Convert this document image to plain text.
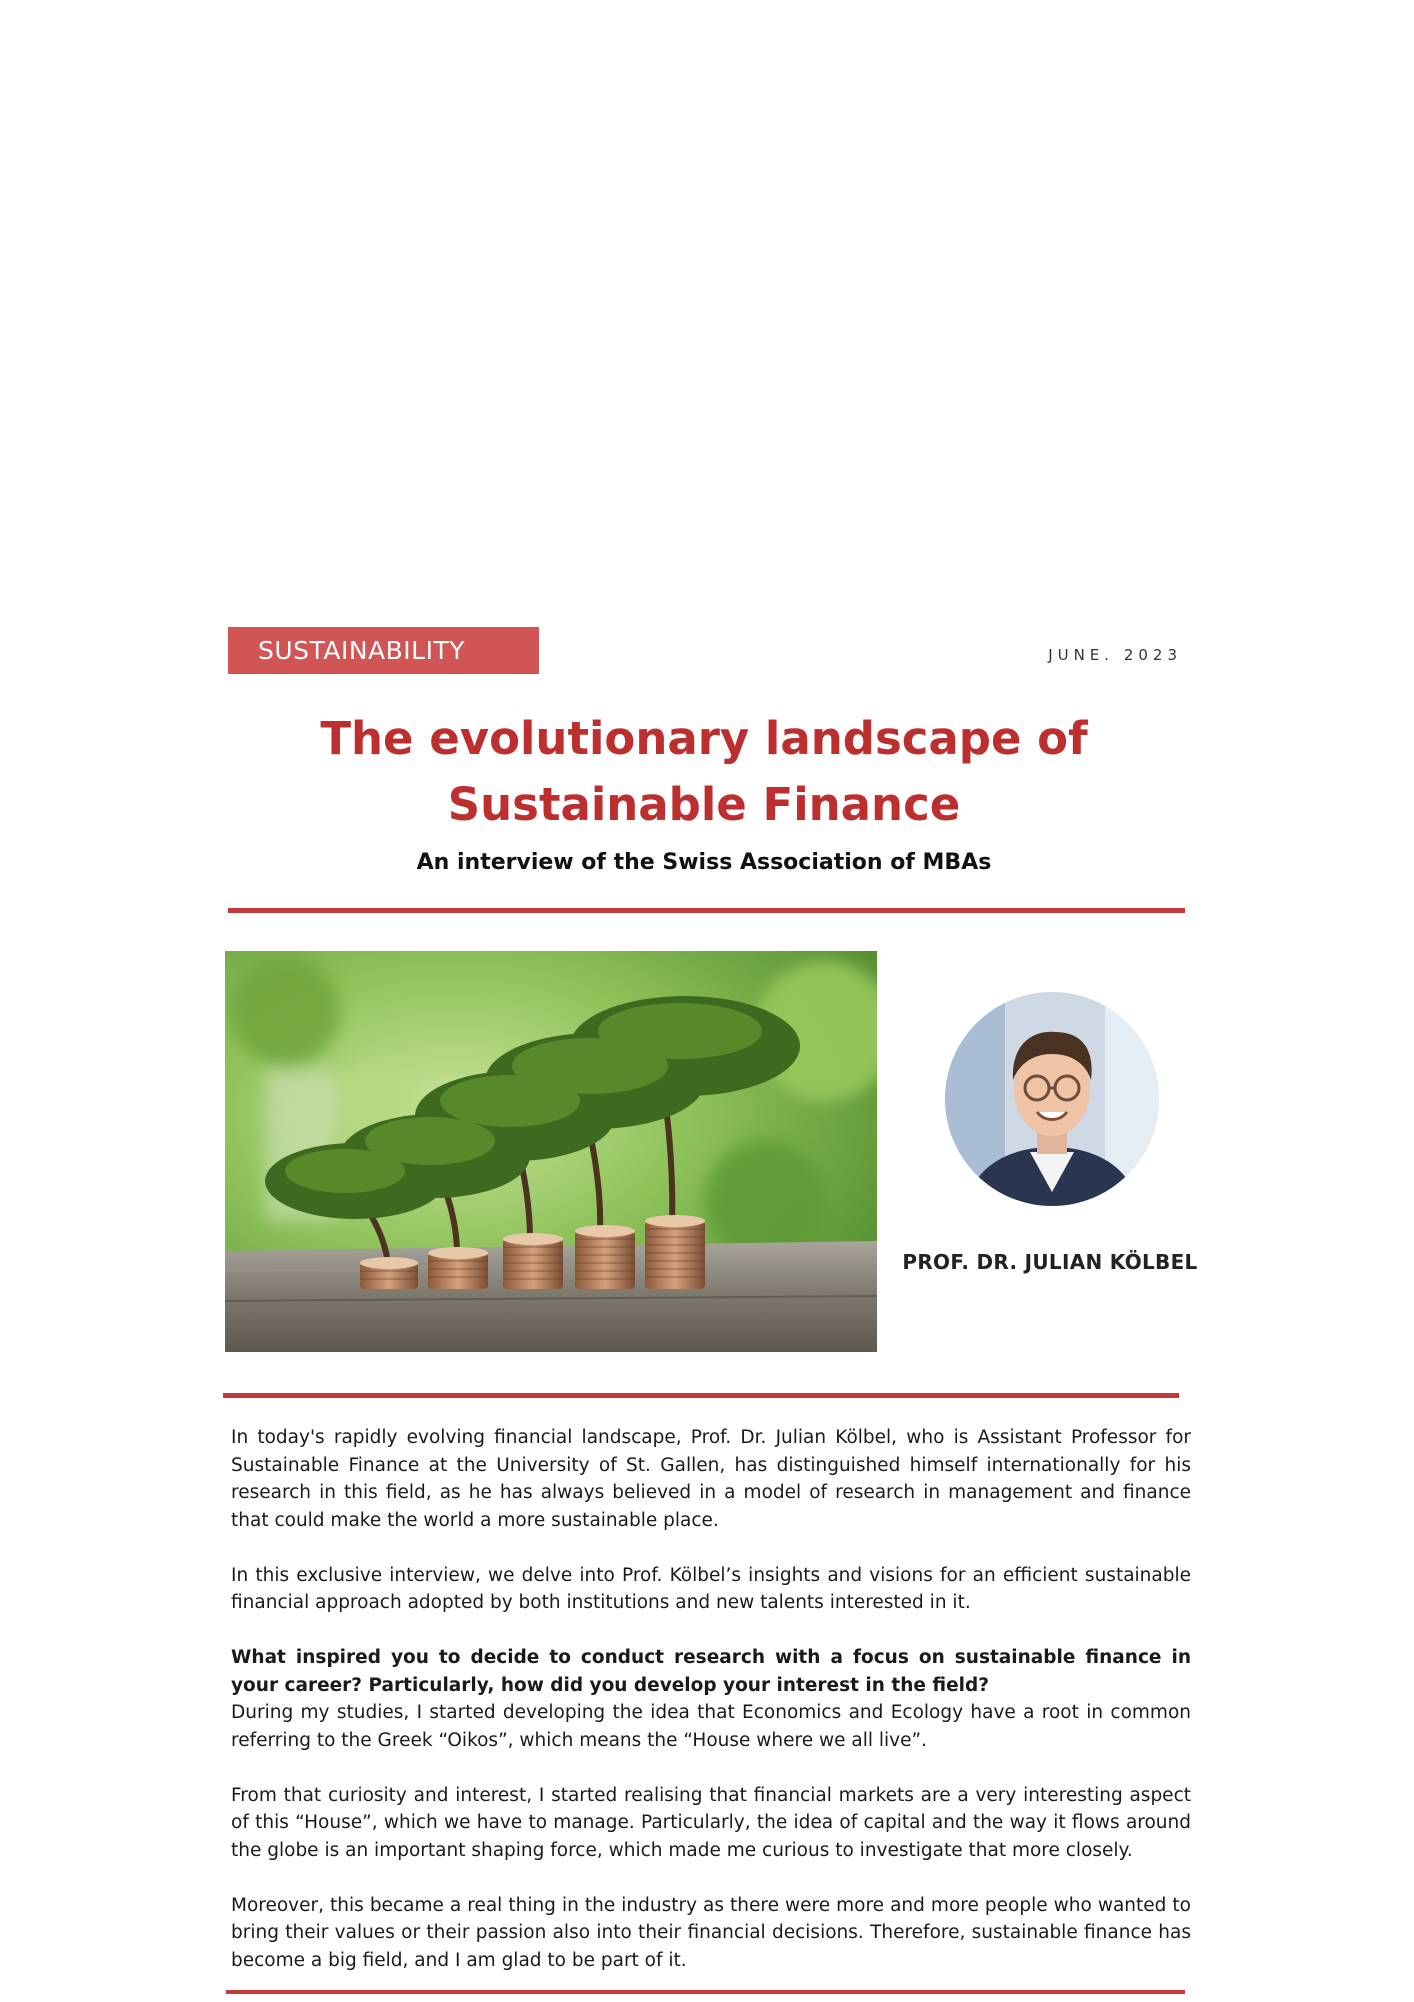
SUSTAINABILITY	JUNE. 2023
The evolutionary landscape of
Sustainable Finance
An interview of the Swiss Association of MBAs
PROF. DR. JULIAN KÖLBEL

In today's rapidly evolving financial landscape, Prof. Dr. Julian Kölbel, who is Assistant Professor for Sustainable Finance at the University of St. Gallen, has distinguished himself internationally for his research in this field, as he has always believed in a model of research in management and finance that could make the world a more sustainable place.

In this exclusive interview, we delve into Prof. Kölbel’s insights and visions for an efficient sustainable financial approach adopted by both institutions and new talents interested in it.

What inspired you to decide to conduct research with a focus on sustainable finance in your career? Particularly, how did you develop your interest in the field?

During my studies, I started developing the idea that Economics and Ecology have a root in common referring to the Greek “Oikos”, which means the “House where we all live”.

From that curiosity and interest, I started realising that financial markets are a very interesting aspect of this “House”, which we have to manage. Particularly, the idea of capital and the way it flows around the globe is an important shaping force, which made me curious to investigate that more closely.

Moreover, this became a real thing in the industry as there were more and more people who wanted to bring their values or their passion also into their financial decisions. Therefore, sustainable finance has become a big field, and I am glad to be part of it.
